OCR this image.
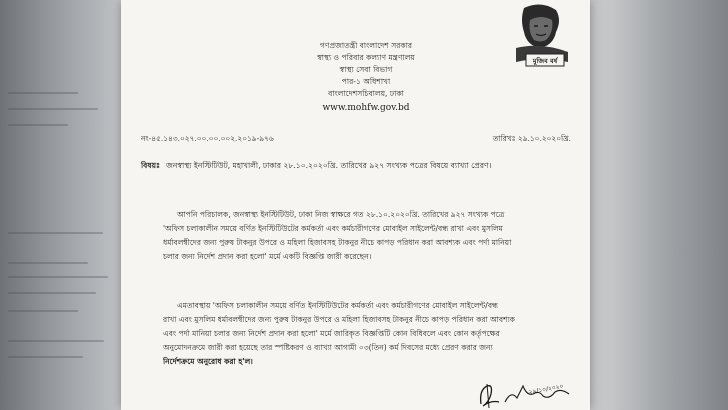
মুজিব বর্ষ
গণপ্রজাতন্ত্রী বাংলাদেশ সরকার
স্বাস্থ্য ও পরিবার কল্যাণ মন্ত্রণালয়
স্বাস্থ্য সেবা বিভাগ
পার-১ অধিশাখা
বাংলাদেশসচিবালয়, ঢাকা
www.mohfw.gov.bd
নং-৪৫.১৪৩.০২৭.০০.০০.০০২.২০১৯-৯৭৬	তারিখঃ ২৯.১০.২০২০খ্রি.
বিষয়ঃ জনস্বাস্থ্য ইনস্টিটিউট, মহাখালী, ঢাকার ২৮.১০.২০২০খ্রি. তারিখের ৯২৭ সংখ্যক পত্রের বিষয়ে ব্যাখ্যা প্রেরণ।
আপনি পরিচালক, জনস্বাস্থ্য ইনস্টিটিউট, ঢাকা নিজ স্বাক্ষরে গত ২৮.১০.২০২০খ্রি. তারিখের ৯২৭ সংখ্যক পত্রে
'অফিস চলাকালীন সময়ে বর্ণিত ইনস্টিটিউটের কর্মকর্তা এবং কর্মচারীগণের মোবাইল সাইলেন্ট/বন্ধ রাখা এবং মুসলিম
ধর্মাবলম্বীদের জন্য পুরুষ টাকনুর উপরে ও মহিলা হিজাবসহ টাকনুর নীচে কাপড় পরিধান করা আবশ্যক এবং পর্দা মানিয়া
চলার জন্য নির্দেশ প্রদান করা হলো' মর্মে একটি বিজ্ঞপ্তি জারী করেছেন।
এমতাবস্থায় 'অফিস চলাকালীন সময়ে বর্ণিত ইনস্টিটিউটের কর্মকর্তা এবং কর্মচারীগণের মোবাইল সাইলেন্ট/বন্ধ
রাখা এবং মুসলিম ধর্মাবলম্বীদের জন্য পুরুষ টাকনুর উপরে ও মহিলা হিজাবসহ টাকনুর নীচে কাপড় পরিধান করা আবশ্যক
এবং পর্দা মানিয়া চলার জন্য নির্দেশ প্রদান করা হলো' মর্মে জারিকৃত বিজ্ঞপ্তিটি কোন বিধিবলে এবং কোন কর্তৃপক্ষের
অনুমোদনক্রমে জারী করা হয়েছে তার স্পষ্টিকরণ ও ব্যাখ্যা আগামী ০৩(তিন) কর্ম দিবসের মধ্যে প্রেরণ করার জন্য
নির্দেশক্রমে অনুরোধ করা হ'ল।
২৯/১০/২০২০
